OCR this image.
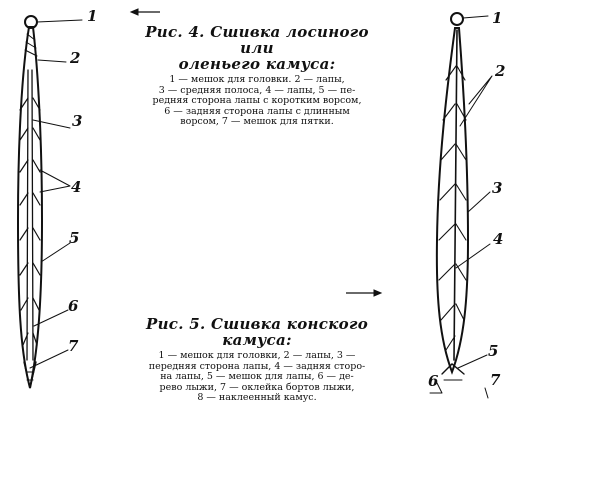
1
2
3
4
5
6
7
1
2
3
4
5
6	7
Рис. 4. Сшивка лосиного или
оленьего камуса:
1 — мешок для головки. 2 — лапы,
3 — средняя полоса, 4 — лапы, 5 — пе-
редняя сторона лапы с коротким ворсом,
6 — задняя сторона лапы с длинным
ворсом, 7 — мешок для пятки.
Рис. 5. Сшивка конского камуса:
1 — мешок для головки, 2 — лапы, 3 —
передняя сторона лапы, 4 — задняя сторо-
на лапы, 5 — мешок для лапы, 6 — де-
рево лыжи, 7 — оклейка бортов лыжи,
8 — наклеенный камус.
